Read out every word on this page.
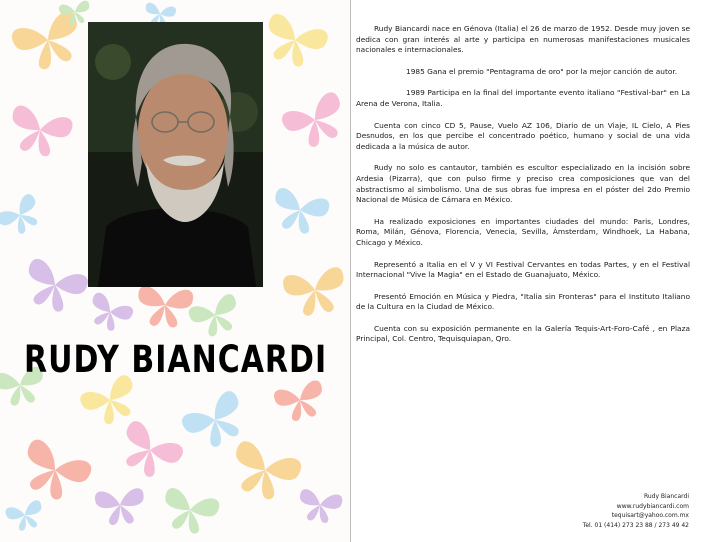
RUDY BIANCARDI

Rudy Biancardi nace en Génova (Italia) el 26 de marzo de 1952. Desde muy joven se dedica con gran interés al arte y participa en numerosas manifestaciones musicales nacionales e internacionales.

1985 Gana el premio "Pentagrama de oro" por la mejor canción de autor.

1989 Participa en la final del importante evento italiano "Festival-bar" en La Arena de Verona, Italia.

Cuenta con cinco CD 5, Pause, Vuelo AZ 106, Diario de un Viaje, IL Cielo, A Pies Desnudos, en los que percibe el concentrado poético, humano y social de una vida dedicada a la música de autor.

Rudy no solo es cantautor, también es escultor especializado en la incisión sobre Ardesia (Pizarra), que con pulso firme y preciso crea composiciones que van del abstractismo al simbolismo. Una de sus obras fue impresa en el póster del 2do Premio Nacional de Música de Cámara en México.

Ha realizado exposiciones en importantes ciudades del mundo: Paris, Londres, Roma, Milán, Génova, Florencia, Venecia, Sevilla, Ámsterdam, Windhoek, La Habana, Chicago y México.

Representó a Italia en el V y VI Festival Cervantes en todas Partes, y en el Festival Internacional "Vive la Magia" en el Estado de Guanajuato, México.

Presentó Emoción en Música y Piedra, "Italia sin Fronteras" para el Instituto Italiano de la Cultura en la Ciudad de México.

Cuenta con su exposición permanente en la Galería Tequis-Art-Foro-Café , en Plaza Principal, Col. Centro, Tequisquiapan, Qro.

Rudy Biancardi
www.rudybiancardi.com
tequisart@yahoo.com.mx
Tel. 01 (414) 273 23 88 / 273 49 42
